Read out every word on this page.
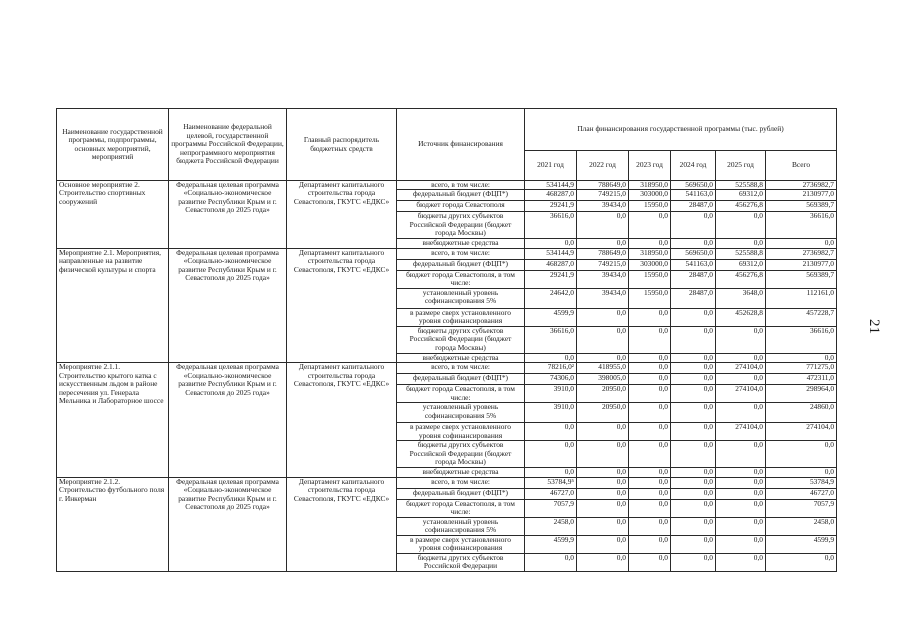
Наименование государственной программы, подпрограммы, основных мероприятий, мероприятий	Наименование федеральной целевой, государственной программы Российской Федерации, непрограммного мероприятия бюджета Российской Федерации	Главный распорядитель бюджетных средств	Источник финансирования	План финансирования государственной программы (тыс. рублей)					
				2021 год	2022 год	2023 год	2024 год	2025 год	Всего
Основное мероприятие 2. Строительство спортивных сооружений	Федеральная целевая программа «Социально-экономическое развитие Республики Крым и г. Севастополя до 2025 года»	Департамент капитального строительства города Севастополя, ГКУГС «ЕДКС»	всего, в том числе:	534144,9	788649,0	318950,0	569650,0	525588,8	2736982,7
			федеральный бюджет (ФЦП*)	468287,0	749215,0	303000,0	541163,0	69312,0	2130977,0
			бюджет города Севастополя	29241,9	39434,0	15950,0	28487,0	456276,8	569389,7
			бюджеты других субъектов Российской Федерации (бюджет города Москвы)	36616,0	0,0	0,0	0,0	0,0	36616,0
			внебюджетные средства	0,0	0,0	0,0	0,0	0,0	0,0
Мероприятие 2.1. Мероприятия, направленные на развитие физической культуры и спорта	Федеральная целевая программа «Социально-экономическое развитие Республики Крым и г. Севастополя до 2025 года»	Департамент капитального строительства города Севастополя, ГКУГС «ЕДКС»	всего, в том числе:	534144,9	788649,0	318950,0	569650,0	525588,8	2736982,7
			федеральный бюджет (ФЦП*)	468287,0	749215,0	303000,0	541163,0	69312,0	2130977,0
			бюджет города Севастополя, в том числе:	29241,9	39434,0	15950,0	28487,0	456276,8	569389,7
			установленный уровень софинансирования 5%	24642,0	39434,0	15950,0	28487,0	3648,0	112161,0
			в размере сверх установленного уровня софинансирования	4599,9	0,0	0,0	0,0	452628,8	457228,7
			бюджеты других субъектов Российской Федерации (бюджет города Москвы)	36616,0	0,0	0,0	0,0	0,0	36616,0
			внебюджетные средства	0,0	0,0	0,0	0,0	0,0	0,0
Мероприятие 2.1.1. Строительство крытого катка с искусственным льдом в районе пересечения ул. Генерала Мельника и Лабораторное шоссе	Федеральная целевая программа «Социально-экономическое развитие Республики Крым и г. Севастополя до 2025 года»	Департамент капитального строительства города Севастополя, ГКУГС «ЕДКС»	всего, в том числе:	78216,0²	418955,0	0,0	0,0	274104,0	771275,0
			федеральный бюджет (ФЦП*)	74306,0	398005,0	0,0	0,0	0,0	472311,0
			бюджет города Севастополя, в том числе:	3910,0	20950,0	0,0	0,0	274104,0	298964,0
			установленный уровень софинансирования 5%	3910,0	20950,0	0,0	0,0	0,0	24860,0
			в размере сверх установленного уровня софинансирования	0,0	0,0	0,0	0,0	274104,0	274104,0
			бюджеты других субъектов Российской Федерации (бюджет города Москвы)	0,0	0,0	0,0	0,0	0,0	0,0
			внебюджетные средства	0,0	0,0	0,0	0,0	0,0	0,0
Мероприятие 2.1.2. Строительство футбольного поля г. Инкерман	Федеральная целевая программа «Социально-экономическое развитие Республики Крым и г. Севастополя до 2025 года»	Департамент капитального строительства города Севастополя, ГКУГС «ЕДКС»	всего, в том числе:	53784,9⁵	0,0	0,0	0,0	0,0	53784,9
			федеральный бюджет (ФЦП*)	46727,0	0,0	0,0	0,0	0,0	46727,0
			бюджет города Севастополя, в том числе:	7057,9	0,0	0,0	0,0	0,0	7057,9
			установленный уровень софинансирования 5%	2458,0	0,0	0,0	0,0	0,0	2458,0
			в размере сверх установленного уровня софинансирования	4599,9	0,0	0,0	0,0	0,0	4599,9
			бюджеты других субъектов Российской Федерации	0,0	0,0	0,0	0,0	0,0	0,0
21
